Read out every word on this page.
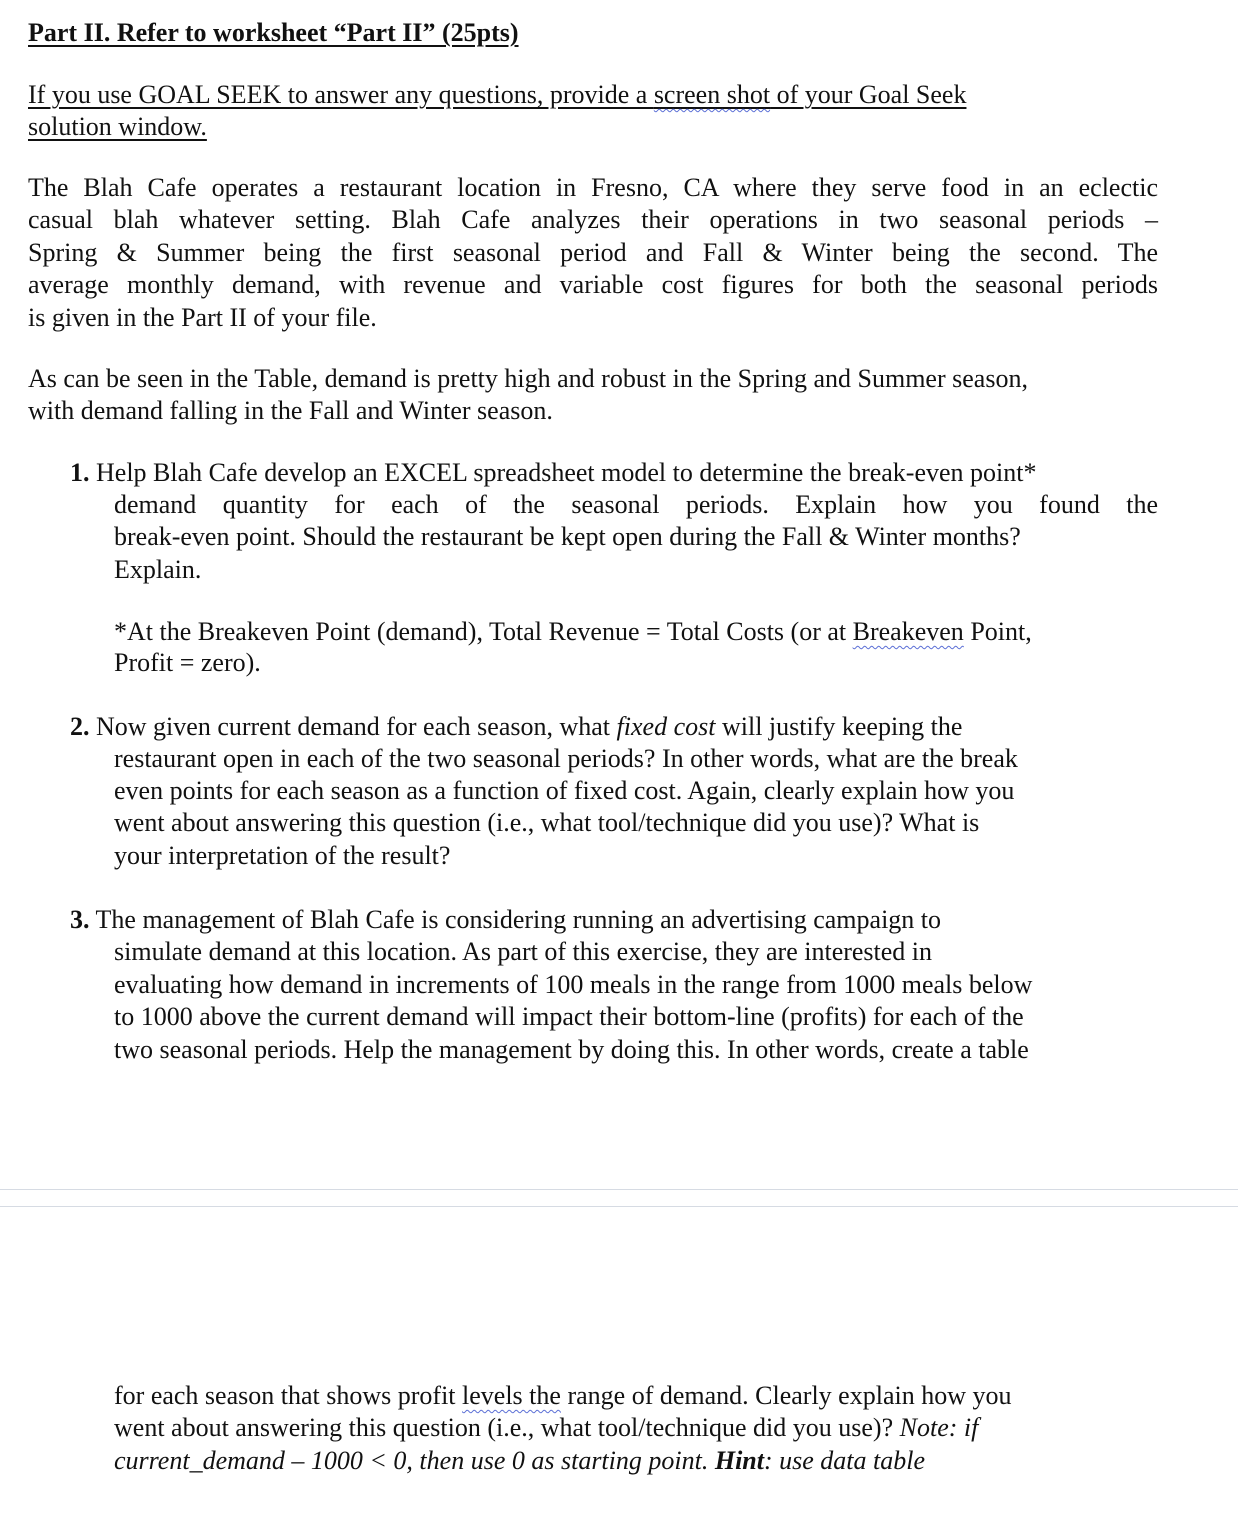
Part II. Refer to worksheet “Part II” (25pts)
If you use GOAL SEEK to answer any questions, provide a screen shot of your Goal Seek
solution window.
The Blah Cafe operates a restaurant location in Fresno, CA where they serve food in an eclectic
casual blah whatever setting. Blah Cafe analyzes their operations in two seasonal periods –
Spring & Summer being the first seasonal period and Fall & Winter being the second. The
average monthly demand, with revenue and variable cost figures for both the seasonal periods
is given in the Part II of your file.
As can be seen in the Table, demand is pretty high and robust in the Spring and Summer season,
with demand falling in the Fall and Winter season.
1. Help Blah Cafe develop an EXCEL spreadsheet model to determine the break-even point*
demand quantity for each of the seasonal periods. Explain how you found the
break-even point. Should the restaurant be kept open during the Fall & Winter months?
Explain.
*At the Breakeven Point (demand), Total Revenue = Total Costs (or at Breakeven Point,
Profit = zero).
2. Now given current demand for each season, what fixed cost will justify keeping the
restaurant open in each of the two seasonal periods? In other words, what are the break
even points for each season as a function of fixed cost. Again, clearly explain how you
went about answering this question (i.e., what tool/technique did you use)? What is
your interpretation of the result?
3. The management of Blah Cafe is considering running an advertising campaign to
simulate demand at this location. As part of this exercise, they are interested in
evaluating how demand in increments of 100 meals in the range from 1000 meals below
to 1000 above the current demand will impact their bottom-line (profits) for each of the
two seasonal periods. Help the management by doing this. In other words, create a table
for each season that shows profit levels the range of demand. Clearly explain how you
went about answering this question (i.e., what tool/technique did you use)? Note: if
current_demand – 1000 < 0, then use 0 as starting point. Hint: use data table
